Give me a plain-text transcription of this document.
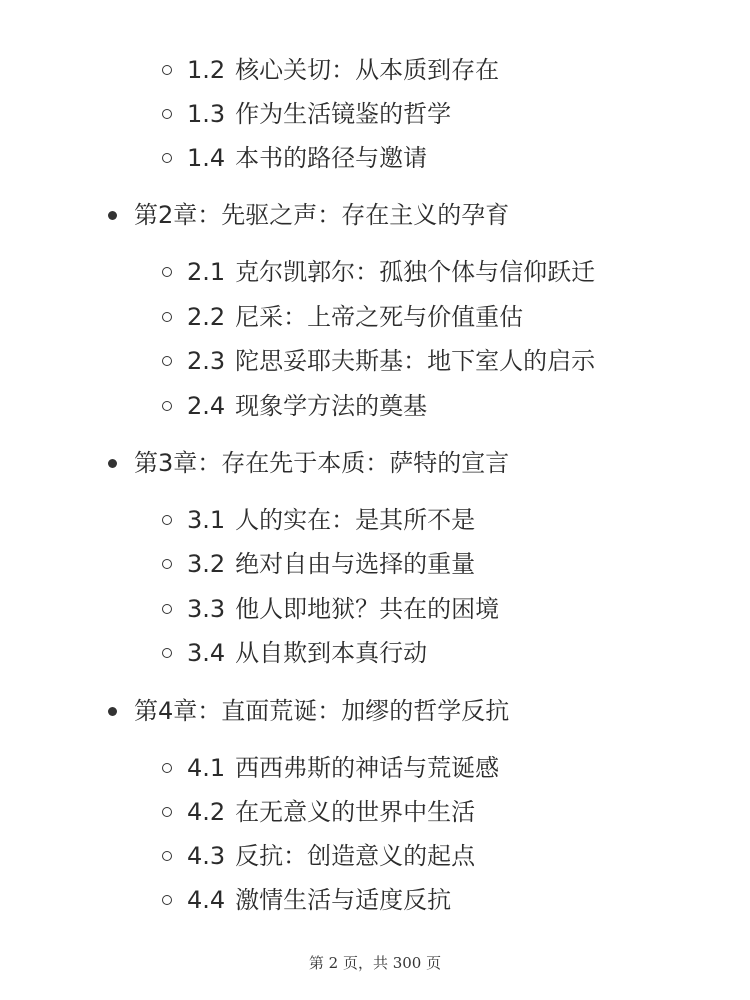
1.2 核心关切：从本质到存在
1.3 作为生活镜鉴的哲学
1.4 本书的路径与邀请
第2章：先驱之声：存在主义的孕育
2.1 克尔凯郭尔：孤独个体与信仰跃迁
2.2 尼采：上帝之死与价值重估
2.3 陀思妥耶夫斯基：地下室人的启示
2.4 现象学方法的奠基
第3章：存在先于本质：萨特的宣言
3.1 人的实在：是其所不是
3.2 绝对自由与选择的重量
3.3 他人即地狱？共在的困境
3.4 从自欺到本真行动
第4章：直面荒诞：加缪的哲学反抗
4.1 西西弗斯的神话与荒诞感
4.2 在无意义的世界中生活
4.3 反抗：创造意义的起点
4.4 激情生活与适度反抗
第 2 页，共 300 页
